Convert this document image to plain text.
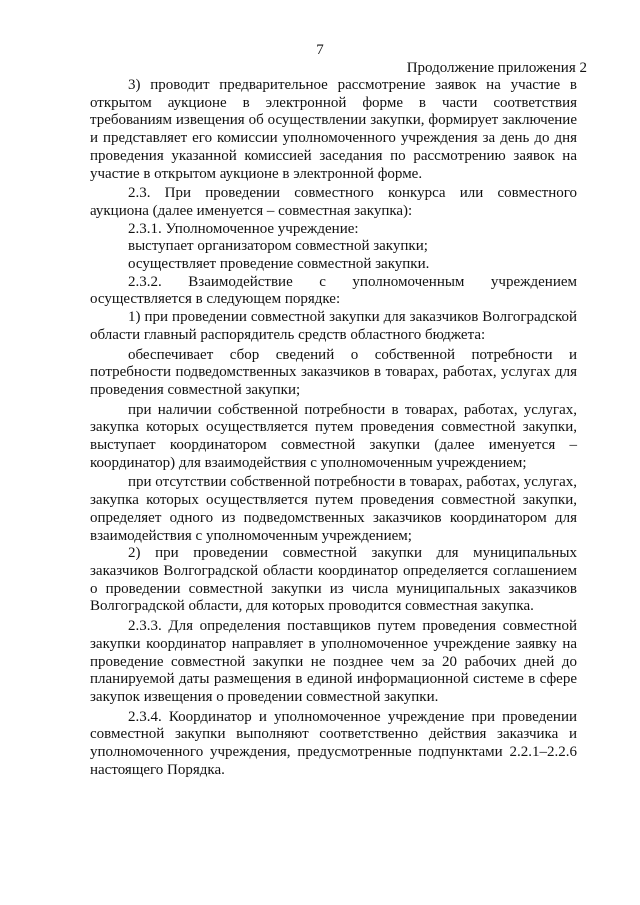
7
Продолжение приложения 2

3) проводит предварительное рассмотрение заявок на участие в открытом аукционе в электронной форме в части соответствия требованиям извещения об осуществлении закупки, формирует заключение и представляет его комиссии уполномоченного учреждения за день до дня проведения указанной комиссией заседания по рассмотрению заявок на участие в открытом аукционе в электронной форме.

2.3. При проведении совместного конкурса или совместного аукциона (далее именуется – совместная закупка):

2.3.1. Уполномоченное учреждение:

выступает организатором совместной закупки;

осуществляет проведение совместной закупки.

2.3.2. Взаимодействие с уполномоченным учреждением осуществляется в следующем порядке:

1) при проведении совместной закупки для заказчиков Волгоградской области главный распорядитель средств областного бюджета:

обеспечивает сбор сведений о собственной потребности и потребности подведомственных заказчиков в товарах, работах, услугах для проведения совместной закупки;

при наличии собственной потребности в товарах, работах, услугах, закупка которых осуществляется путем проведения совместной закупки, выступает координатором совместной закупки (далее именуется – координатор) для взаимодействия с уполномоченным учреждением;

при отсутствии собственной потребности в товарах, работах, услугах, закупка которых осуществляется путем проведения совместной закупки, определяет одного из подведомственных заказчиков координатором для взаимодействия с уполномоченным учреждением;

2) при проведении совместной закупки для муниципальных заказчиков Волгоградской области координатор определяется соглашением о проведении совместной закупки из числа муниципальных заказчиков Волгоградской области, для которых проводится совместная закупка.

2.3.3. Для определения поставщиков путем проведения совместной закупки координатор направляет в уполномоченное учреждение заявку на проведение совместной закупки не позднее чем за 20 рабочих дней до планируемой даты размещения в единой информационной системе в сфере закупок извещения о проведении совместной закупки.

2.3.4. Координатор и уполномоченное учреждение при проведении совместной закупки выполняют соответственно действия заказчика и уполномоченного учреждения, предусмотренные подпунктами 2.2.1–2.2.6 настоящего Порядка.
